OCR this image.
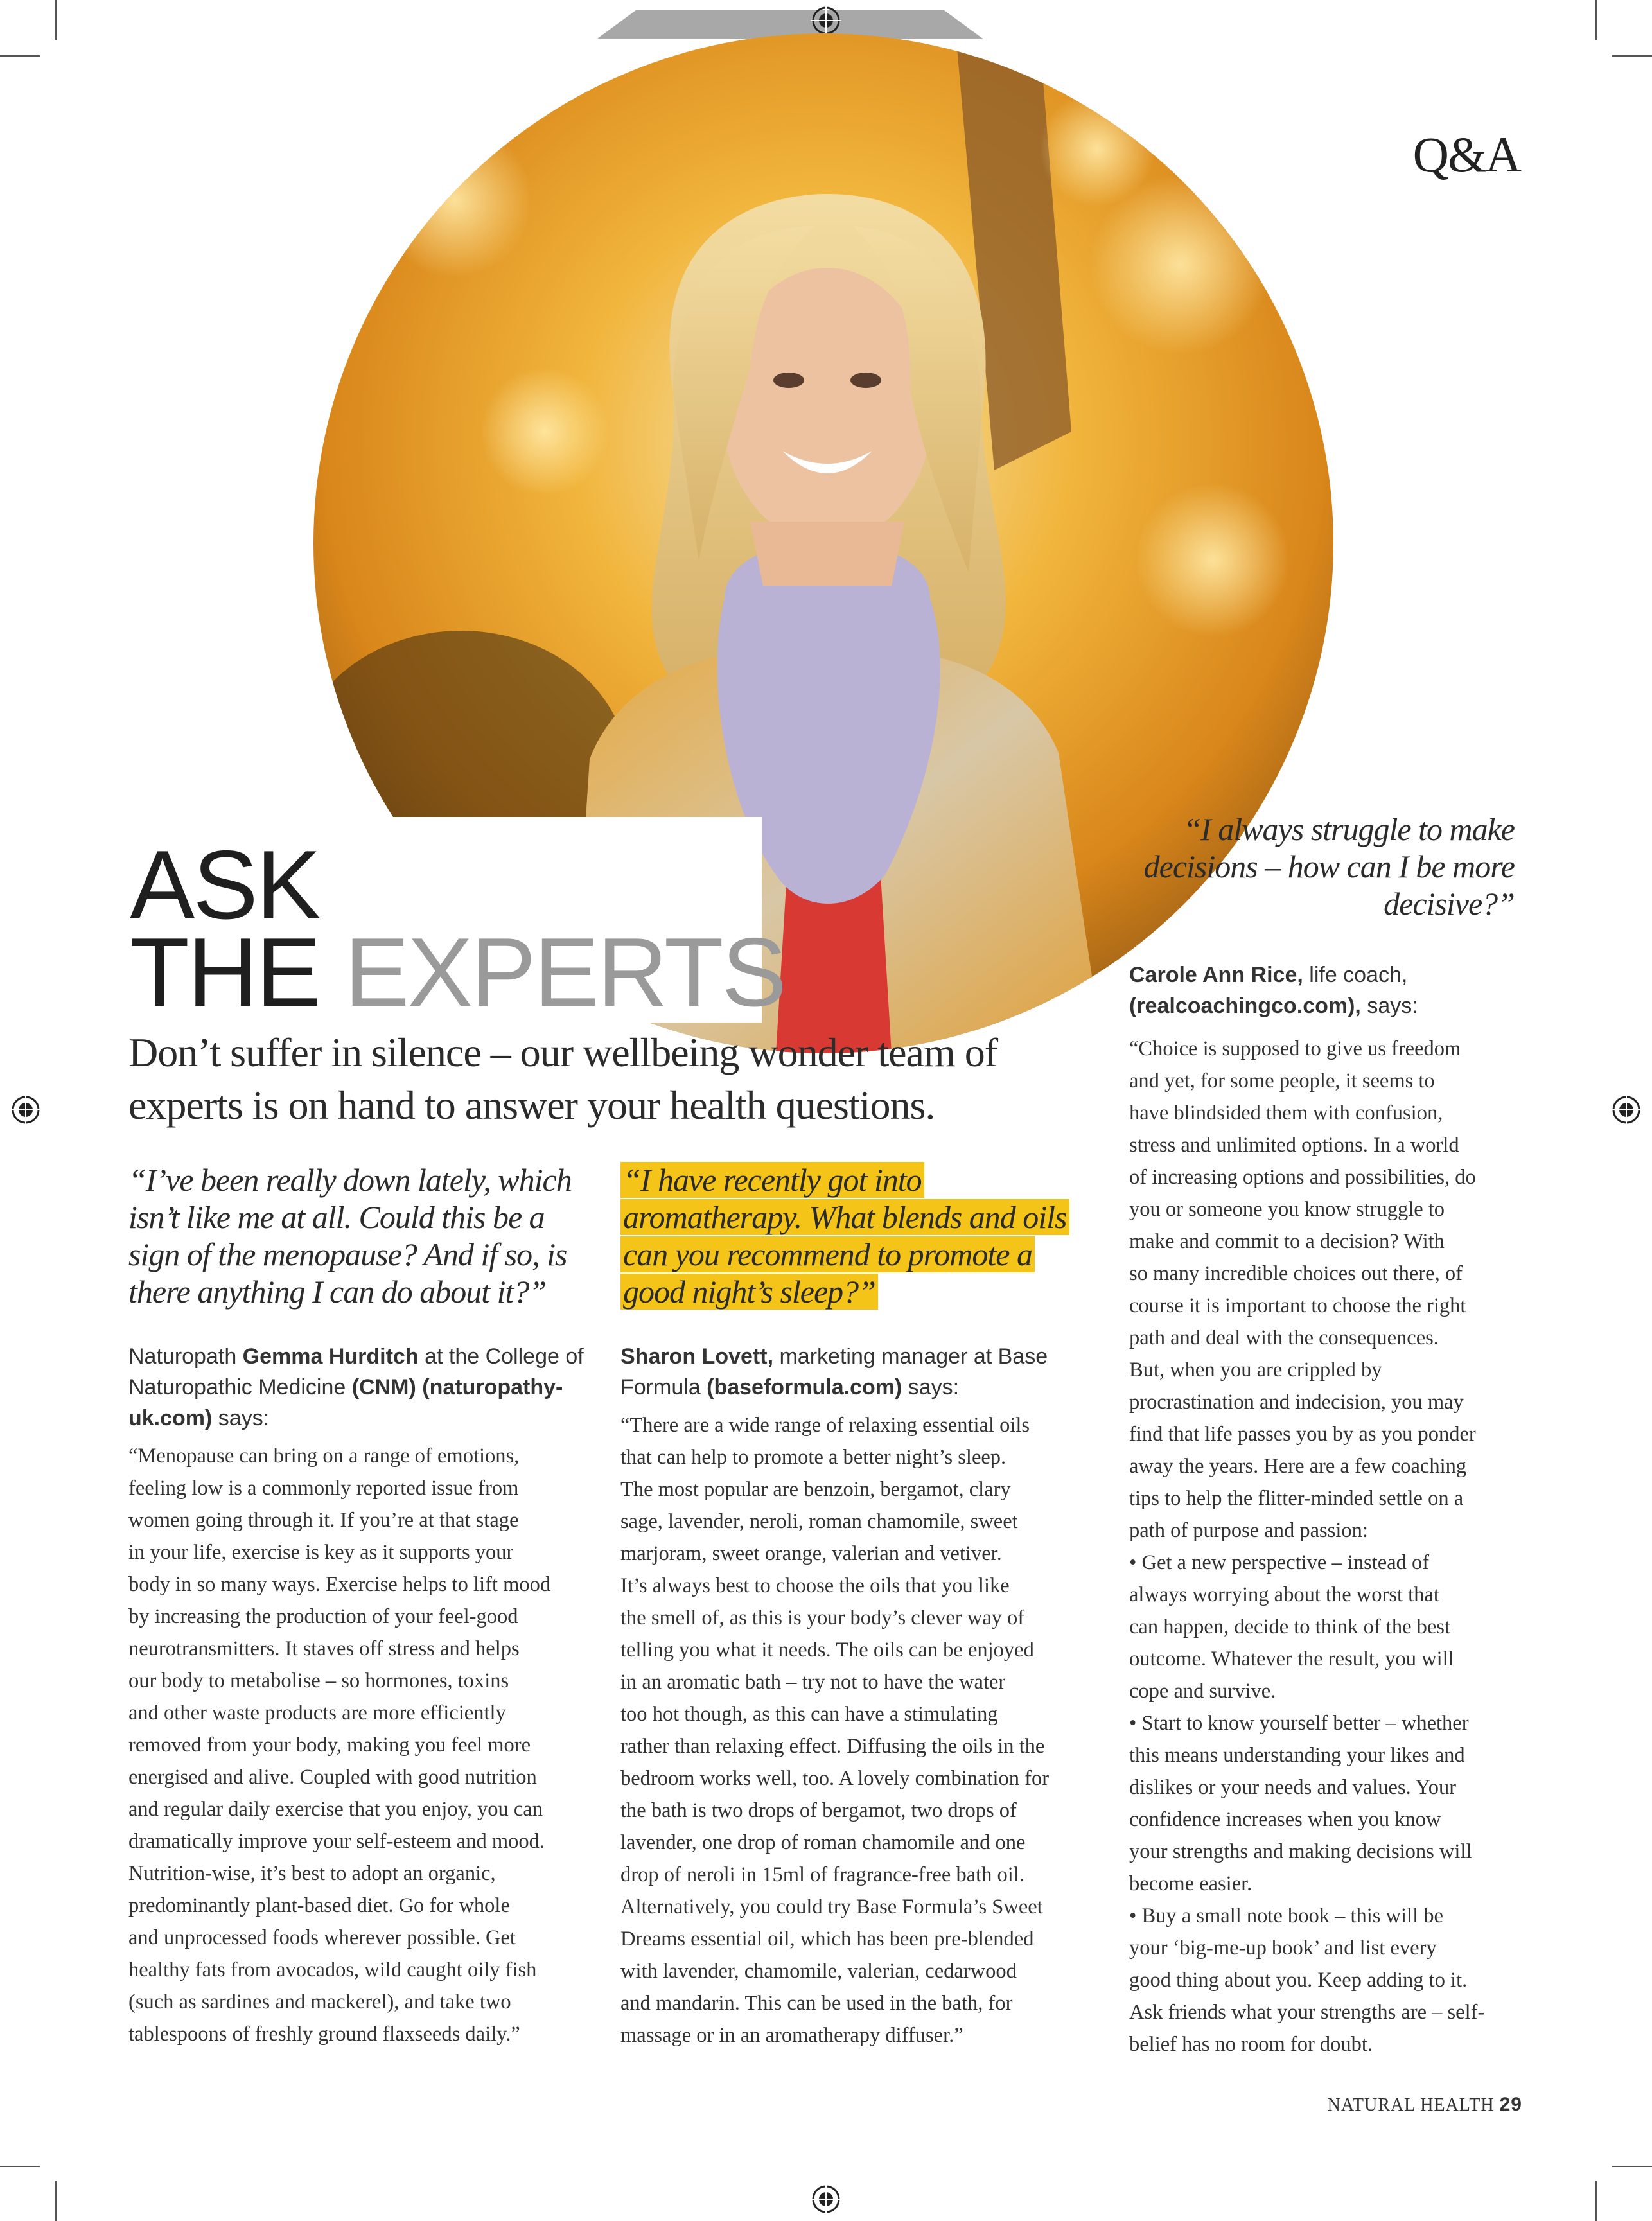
Q&A
ASK
THE EXPERTS
Don’t suffer in silence – our wellbeing wonder team of experts is on hand to answer your health questions.
“I’ve been really down lately, which isn’t like me at all. Could this be a sign of the menopause? And if so, is there anything I can do about it?”
Naturopath Gemma Hurditch at the College of Naturopathic Medicine (CNM) (naturopathy-uk.com) says:
“Menopause can bring on a range of emotions,
feeling low is a commonly reported issue from
women going through it. If you’re at that stage
in your life, exercise is key as it supports your
body in so many ways. Exercise helps to lift mood
by increasing the production of your feel-good
neurotransmitters. It staves off stress and helps
our body to metabolise – so hormones, toxins
and other waste products are more efficiently
removed from your body, making you feel more
energised and alive. Coupled with good nutrition
and regular daily exercise that you enjoy, you can
dramatically improve your self-esteem and mood.
Nutrition-wise, it’s best to adopt an organic,
predominantly plant-based diet. Go for whole
and unprocessed foods wherever possible. Get
healthy fats from avocados, wild caught oily fish
(such as sardines and mackerel), and take two
tablespoons of freshly ground flaxseeds daily.”
“I have recently got into aromatherapy. What blends and oils can you recommend to promote a good night’s sleep?”
Sharon Lovett, marketing manager at Base Formula (baseformula.com) says:
“There are a wide range of relaxing essential oils
that can help to promote a better night’s sleep.
The most popular are benzoin, bergamot, clary
sage, lavender, neroli, roman chamomile, sweet
marjoram, sweet orange, valerian and vetiver.
It’s always best to choose the oils that you like
the smell of, as this is your body’s clever way of
telling you what it needs. The oils can be enjoyed
in an aromatic bath – try not to have the water
too hot though, as this can have a stimulating
rather than relaxing effect. Diffusing the oils in the
bedroom works well, too. A lovely combination for
the bath is two drops of bergamot, two drops of
lavender, one drop of roman chamomile and one
drop of neroli in 15ml of fragrance-free bath oil.
Alternatively, you could try Base Formula’s Sweet
Dreams essential oil, which has been pre-blended
with lavender, chamomile, valerian, cedarwood
and mandarin. This can be used in the bath, for
massage or in an aromatherapy diffuser.”
“I always struggle to make decisions – how can I be more decisive?”
Carole Ann Rice, life coach,
(realcoachingco.com), says:
“Choice is supposed to give us freedom
and yet, for some people, it seems to
have blindsided them with confusion,
stress and unlimited options. In a world
of increasing options and possibilities, do
you or someone you know struggle to
make and commit to a decision? With
so many incredible choices out there, of
course it is important to choose the right
path and deal with the consequences.
But, when you are crippled by
procrastination and indecision, you may
find that life passes you by as you ponder
away the years. Here are a few coaching
tips to help the flitter-minded settle on a
path of purpose and passion:
• Get a new perspective – instead of
always worrying about the worst that
can happen, decide to think of the best
outcome. Whatever the result, you will
cope and survive.
• Start to know yourself better – whether
this means understanding your likes and
dislikes or your needs and values. Your
confidence increases when you know
your strengths and making decisions will
become easier.
• Buy a small note book – this will be
your ‘big-me-up book’ and list every
good thing about you. Keep adding to it.
Ask friends what your strengths are – self-
belief has no room for doubt.
NATURAL HEALTH 29
